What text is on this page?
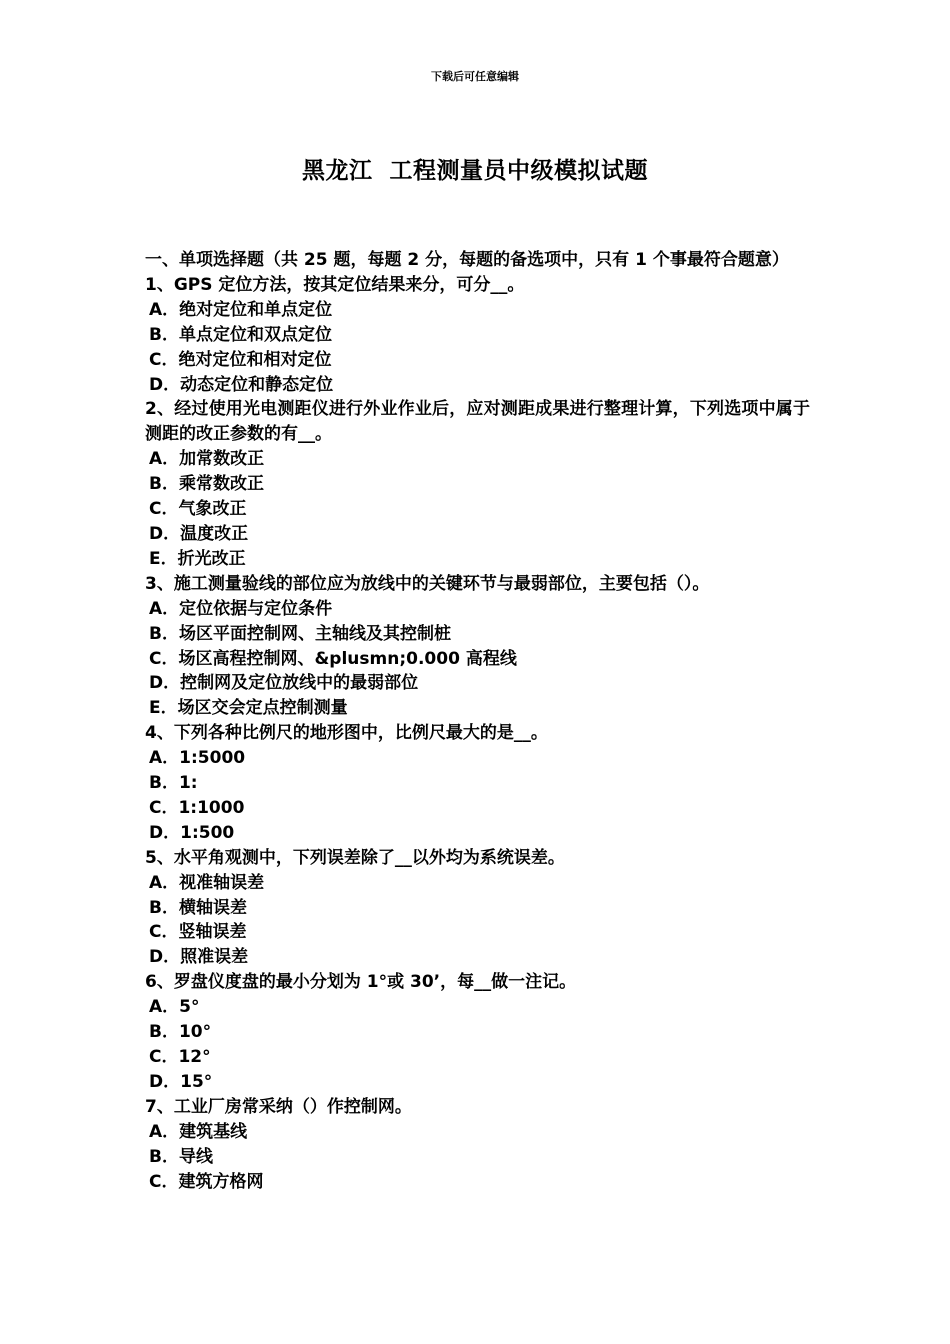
下载后可任意编辑
黑龙江  工程测量员中级模拟试题
一、单项选择题（共 25 题，每题 2 分，每题的备选项中，只有 1 个事最符合题意）
1、GPS 定位方法，按其定位结果来分，可分__。
A．绝对定位和单点定位
B．单点定位和双点定位
C．绝对定位和相对定位
D．动态定位和静态定位
2、经过使用光电测距仪进行外业作业后，应对测距成果进行整理计算，下列选项中属于测距的改正参数的有__。
A．加常数改正
B．乘常数改正
C．气象改正
D．温度改正
E．折光改正
3、施工测量验线的部位应为放线中的关键环节与最弱部位，主要包括（）。
A．定位依据与定位条件
B．场区平面控制网、主轴线及其控制桩
C．场区高程控制网、&plusmn;0.000 高程线
D．控制网及定位放线中的最弱部位
E．场区交会定点控制测量
4、下列各种比例尺的地形图中，比例尺最大的是__。
A．1:5000
B．1:
C．1:1000
D．1:500
5、水平角观测中，下列误差除了__以外均为系统误差。
A．视准轴误差
B．横轴误差
C．竖轴误差
D．照准误差
6、罗盘仪度盘的最小分划为 1°或 30’，每__做一注记。
A．5°
B．10°
C．12°
D．15°
7、工业厂房常采纳（）作控制网。
A．建筑基线
B．导线
C．建筑方格网
